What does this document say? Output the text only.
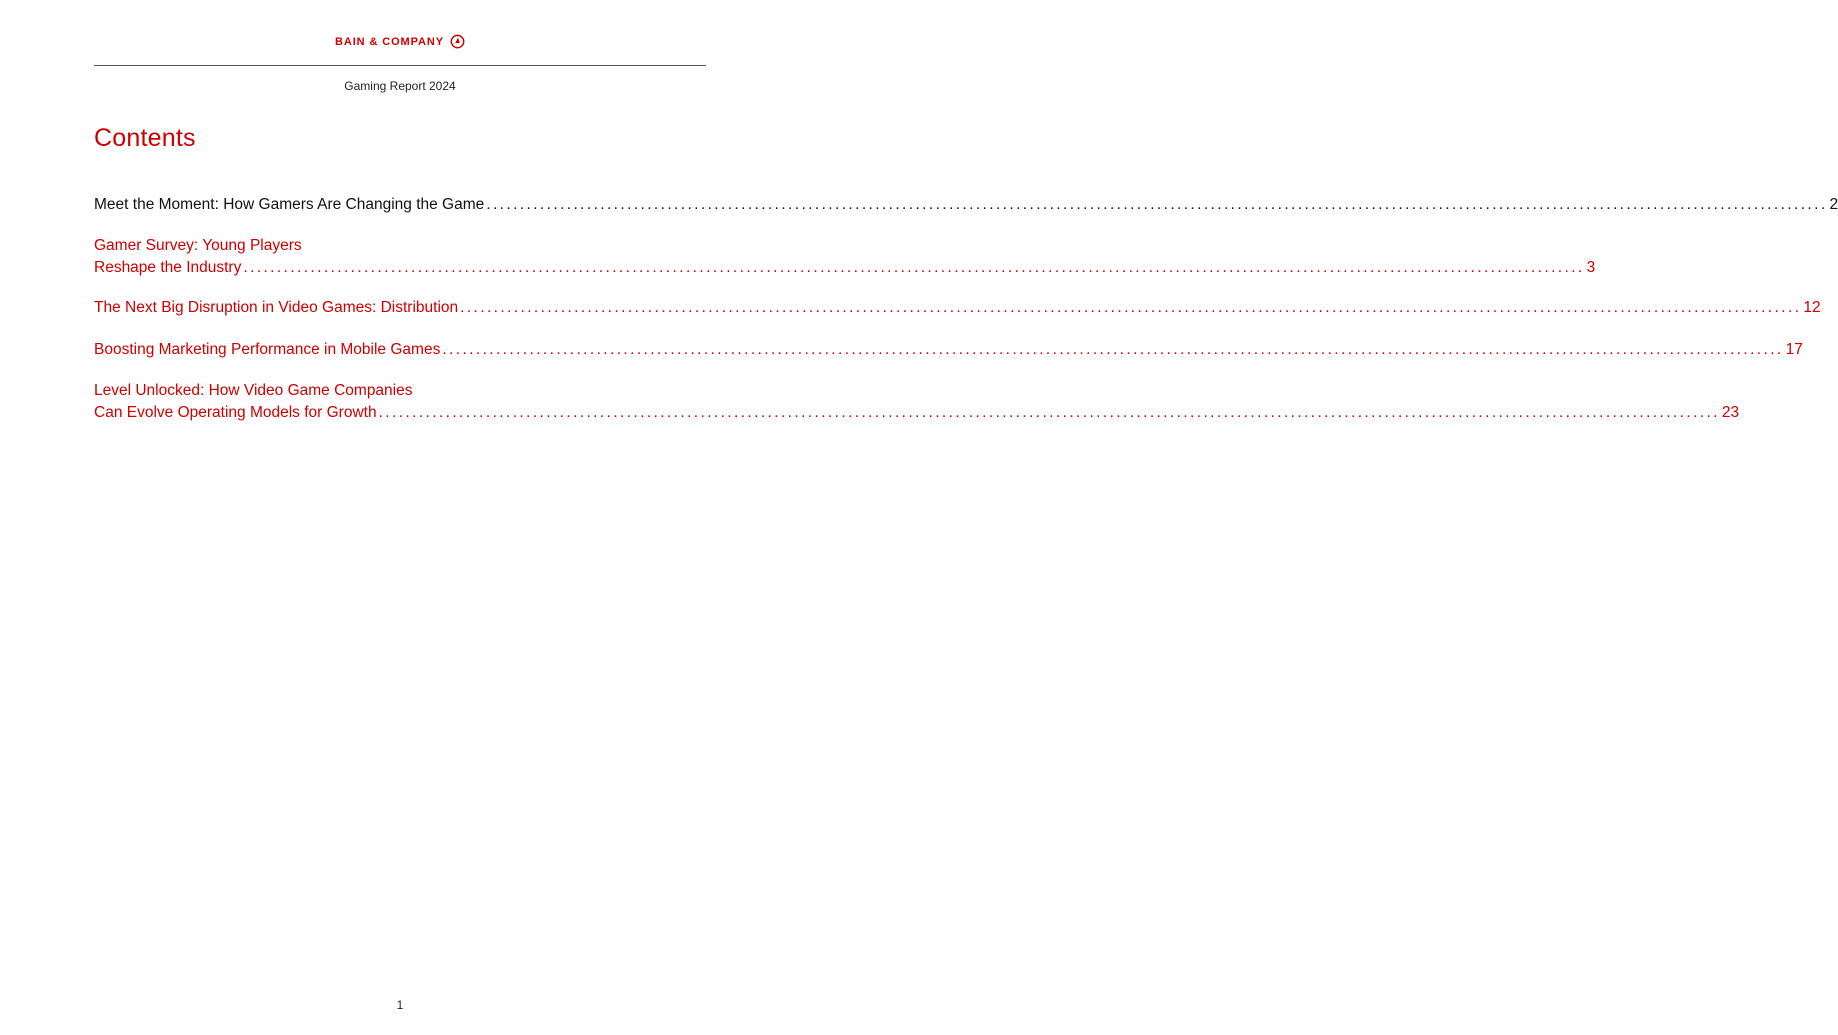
BAIN & COMPANY
Gaming Report 2024
Contents
Meet the Moment: How Gamers Are Changing the Game ........................................................................................................................................................................................................ 2
Gamer Survey: Young Players
Reshape the Industry ........................................................................................................................................................................................................ 3
The Next Big Disruption in Video Games: Distribution ........................................................................................................................................................................................................ 12
Boosting Marketing Performance in Mobile Games ........................................................................................................................................................................................................ 17
Level Unlocked: How Video Game Companies
Can Evolve Operating Models for Growth ........................................................................................................................................................................................................ 23
1
